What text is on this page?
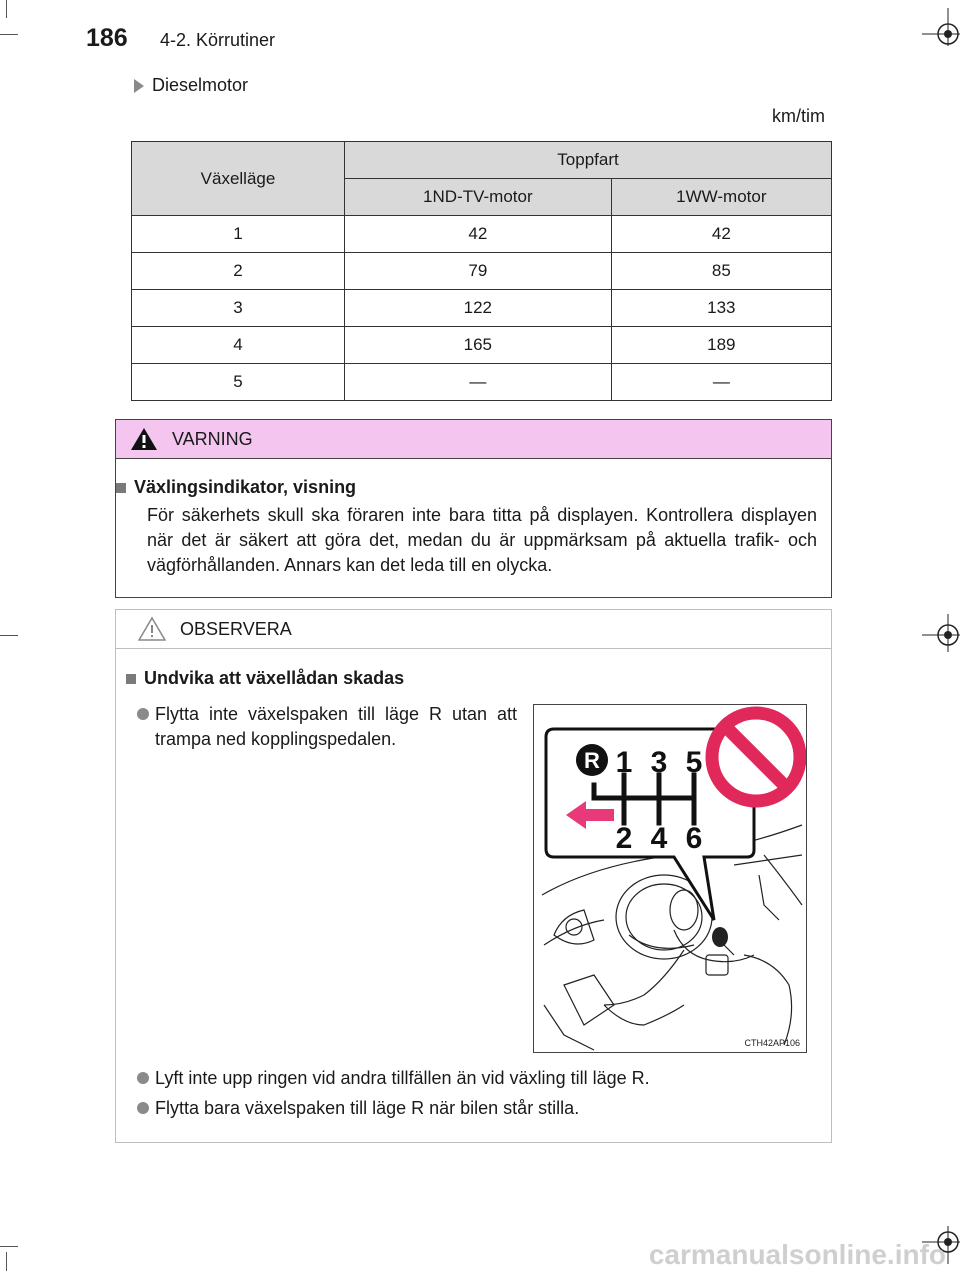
186 4-2. Körrutiner
Dieselmotor
km/tim
Växelläge	Toppfart	
	1ND-TV-motor	1WW-motor
1	42	42
2	79	85
3	122	133
4	165	189
5	—	—
VARNING
Växlingsindikator, visning
För säkerhets skull ska föraren inte bara titta på displayen. Kontrollera displayen när det är säkert att göra det, medan du är uppmärksam på aktuella trafik- och vägförhållanden. Annars kan det leda till en olycka.
OBSERVERA
Undvika att växellådan skadas
Flytta inte växelspaken till läge R utan att trampa ned kopplingspedalen.
R 1 3 5
2 4 6
CTH42AP106
Lyft inte upp ringen vid andra tillfällen än vid växling till läge R.
Flytta bara växelspaken till läge R när bilen står stilla.
carmanualsonline.info
